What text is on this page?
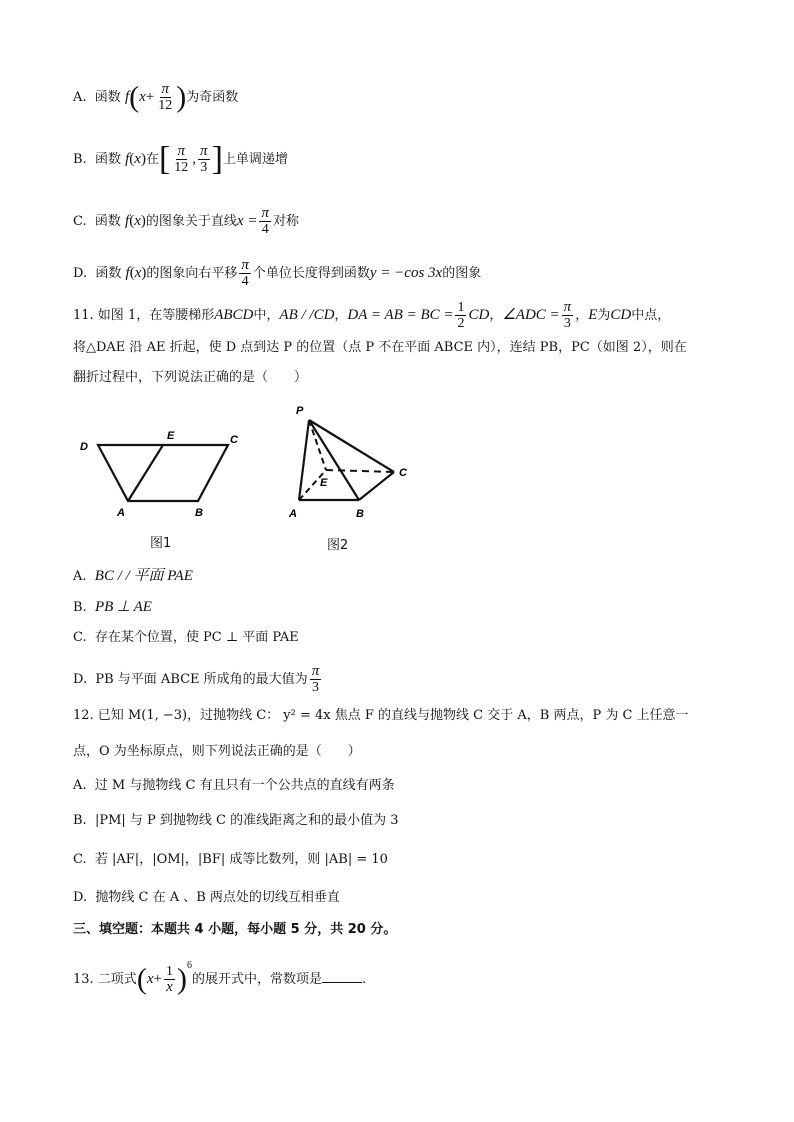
A. 函数 $f(x+ \frac{\pi}{12}$ )为奇函数
B. 函数 f(x)在[ $\frac{\pi}{12}$ , $\frac{\pi}{3}$ ]上单调递增
C. 函数 f(x)的图象关于直线$x = \frac{\pi}{4}$ 对称
D. 函数 f(x)的图象向右平移 $\frac{\pi}{4}$ 个单位长度得到函数y = −cos 3x的图象
11. 如图 1，在等腰梯形ABCD中，AB / /CD，DA = AB = BC = $\frac{1}{2}$ CD，∠ADC = $\frac{\pi}{3}$ ，E为CD中点，
将△DAE 沿 AE 折起，使 D 点到达 P 的位置（点 P 不在平面 ABCE 内），连结 PB，PC（如图 2），则在
翻折过程中，下列说法正确的是（　　）
D
E	C
A	B
图1
P
E
C
A	B
图2
A. BC / / 平面 PAE
B. PB ⊥ AE
C. 存在某个位置，使 PC ⊥ 平面 PAE
D. PB 与平面 ABCE 所成角的最大值为 $\frac{\pi}{3}$
12. 已知 M(1, −3)，过抛物线 C： y² = 4x 焦点 F 的直线与抛物线 C 交于 A，B 两点，P 为 C 上任意一
点，O 为坐标原点，则下列说法正确的是（　　）
A. 过 M 与抛物线 C 有且只有一个公共点的直线有两条
B. |PM| 与 P 到抛物线 C 的准线距离之和的最小值为 3
C. 若 |AF|，|OM|，|BF| 成等比数列，则 |AB| = 10
D. 抛物线 C 在 A 、B 两点处的切线互相垂直
三、填空题：本题共 4 小题，每小题 5 分，共 20 分。
13. 二项式$(x+ \frac{1}{x} )^6$的展开式中，常数项是	.
